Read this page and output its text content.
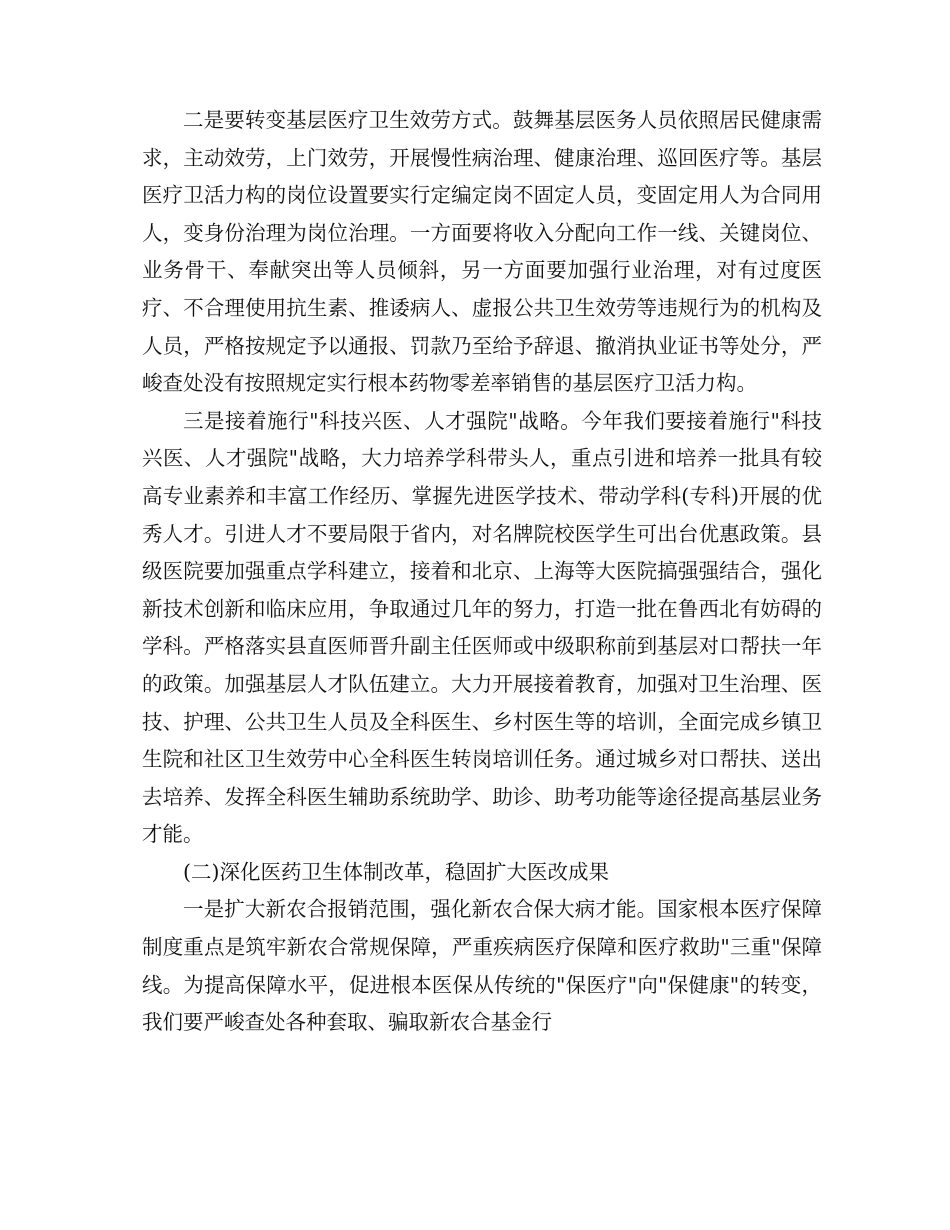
二是要转变基层医疗卫生效劳方式。鼓舞基层医务人员依照居民健康需求，主动效劳，上门效劳，开展慢性病治理、健康治理、巡回医疗等。基层医疗卫活力构的岗位设置要实行定编定岗不固定人员，变固定用人为合同用人，变身份治理为岗位治理。一方面要将收入分配向工作一线、关键岗位、业务骨干、奉献突出等人员倾斜，另一方面要加强行业治理，对有过度医疗、不合理使用抗生素、推诿病人、虚报公共卫生效劳等违规行为的机构及人员，严格按规定予以通报、罚款乃至给予辞退、撤消执业证书等处分，严峻查处没有按照规定实行根本药物零差率销售的基层医疗卫活力构。

三是接着施行"科技兴医、人才强院"战略。今年我们要接着施行"科技兴医、人才强院"战略，大力培养学科带头人，重点引进和培养一批具有较高专业素养和丰富工作经历、掌握先进医学技术、带动学科(专科)开展的优秀人才。引进人才不要局限于省内，对名牌院校医学生可出台优惠政策。县级医院要加强重点学科建立，接着和北京、上海等大医院搞强强结合，强化新技术创新和临床应用，争取通过几年的努力，打造一批在鲁西北有妨碍的学科。严格落实县直医师晋升副主任医师或中级职称前到基层对口帮扶一年的政策。加强基层人才队伍建立。大力开展接着教育，加强对卫生治理、医技、护理、公共卫生人员及全科医生、乡村医生等的培训，全面完成乡镇卫生院和社区卫生效劳中心全科医生转岗培训任务。通过城乡对口帮扶、送出去培养、发挥全科医生辅助系统助学、助诊、助考功能等途径提高基层业务才能。

(二)深化医药卫生体制改革，稳固扩大医改成果

一是扩大新农合报销范围，强化新农合保大病才能。国家根本医疗保障制度重点是筑牢新农合常规保障，严重疾病医疗保障和医疗救助"三重"保障线。为提高保障水平，促进根本医保从传统的"保医疗"向"保健康"的转变，我们要严峻查处各种套取、骗取新农合基金行
